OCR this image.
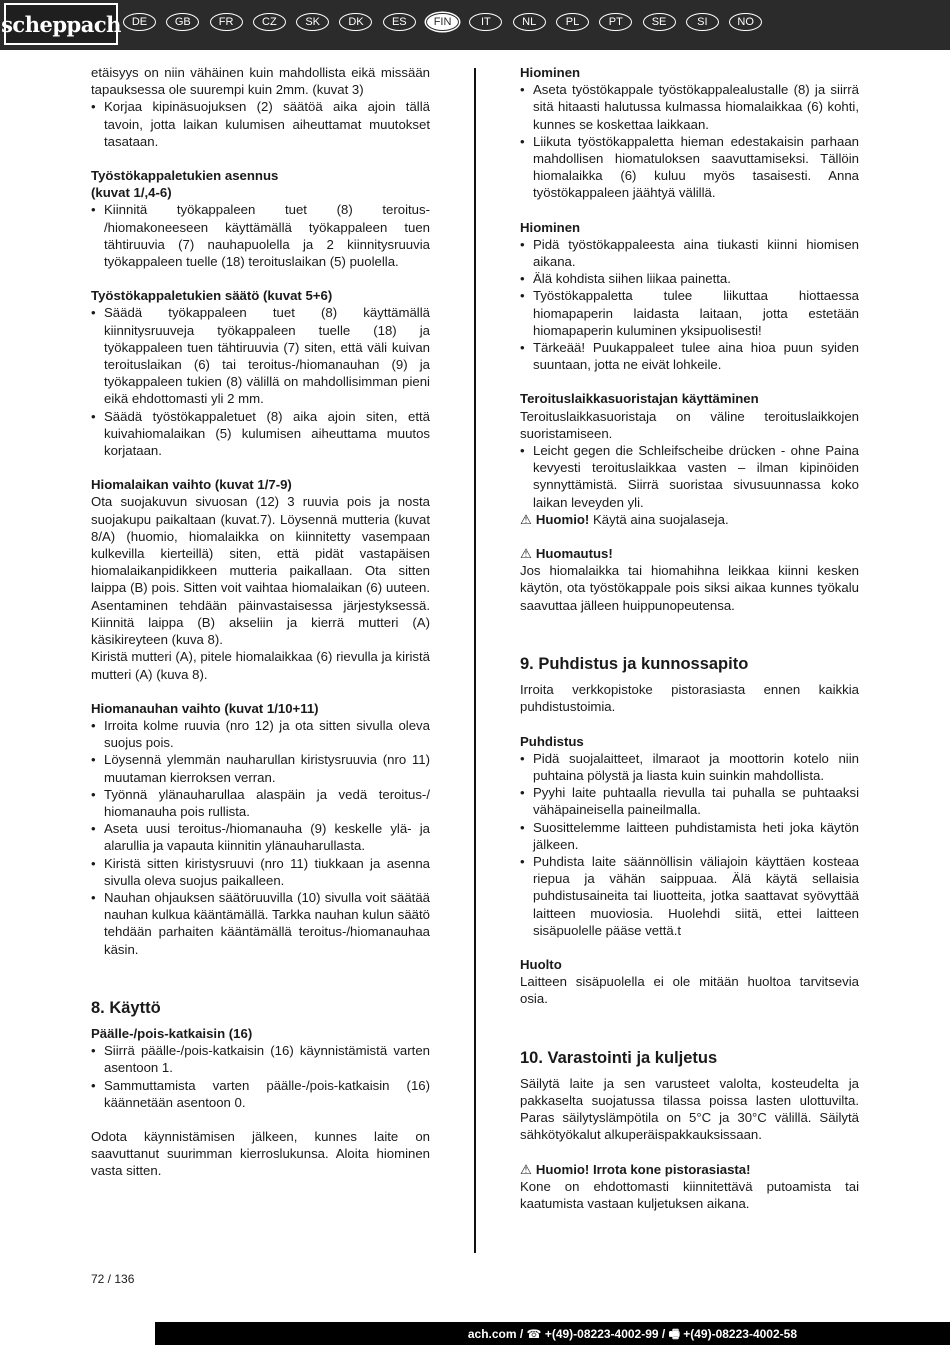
scheppach DE	GB	FR	CZ	SK	DK	ES	FIN	IT	NL	PL	PT	SE	SI	NO

etäisyys on niin vähäinen kuin mahdollista eikä missään tapauksessa ole suurempi kuin 2mm. (kuvat 3)

• Korjaa kipinäsuojuksen (2) säätöä aika ajoin tällä tavoin, jotta laikan kulumisen aiheuttamat muutokset tasataan.
Työstökappaletukien asennus
(kuvat 1/,4-6)
• Kiinnitä työkappaleen tuet (8) teroitus- /hiomakoneeseen käyttämällä työkappaleen tuen tähtiruuvia (7) nauhapuolella ja 2 kiinnitysruuvia työkappaleen tuelle (18) teroituslaikan (5) puolella.
Työstökappaletukien säätö (kuvat 5+6)
• Säädä työkappaleen tuet (8) käyttämällä kiinnitysruuveja työkappaleen tuelle (18) ja työkappaleen tuen tähtiruuvia (7) siten, että väli kuivan teroituslaikan (6) tai teroitus-/hiomanauhan (9) ja työkappaleen tukien (8) välillä on mahdollisimman pieni eikä ehdottomasti yli 2 mm.
• Säädä työstökappaletuet (8) aika ajoin siten, että kuivahiomalaikan (5) kulumisen aiheuttama muutos korjataan.
Hiomalaikan vaihto (kuvat 1/7-9)

Ota suojakuvun sivuosan (12) 3 ruuvia pois ja nosta suojakupu paikaltaan (kuvat.7). Löysennä mutteria (kuvat 8/A) (huomio, hiomalaikka on kiinnitetty vasempaan kulkevilla kierteillä) siten, että pidät vastapäisen hiomalaikanpidikkeen mutteria paikallaan. Ota sitten laippa (B) pois. Sitten voit vaihtaa hiomalaikan (6) uuteen. Asentaminen tehdään päinvastaisessa järjestyksessä. Kiinnitä laippa (B) akseliin ja kierrä mutteri (A) käsikireyteen (kuva 8).

Kiristä mutteri (A), pitele hiomalaikkaa (6) rievulla ja kiristä mutteri (A) (kuva 8).

Hiomanauhan vaihto (kuvat 1/10+11)
• Irroita kolme ruuvia (nro 12) ja ota sitten sivulla oleva suojus pois.
• Löysennä ylemmän nauharullan kiristysruuvia (nro 11) muutaman kierroksen verran.
• Työnnä ylänauharullaa alaspäin ja vedä teroitus-/ hiomanauha pois rullista.
• Aseta uusi teroitus-/hiomanauha (9) keskelle ylä- ja alarullia ja vapauta kiinnitin ylänauharullasta.
• Kiristä sitten kiristysruuvi (nro 11) tiukkaan ja asenna sivulla oleva suojus paikalleen.
• Nauhan ohjauksen säätöruuvilla (10) sivulla voit säätää nauhan kulkua kääntämällä. Tarkka nauhan kulun säätö tehdään parhaiten kääntämällä teroitus-/hiomanauhaa käsin.
8. Käyttö
Päälle-/pois-katkaisin (16)
• Siirrä päälle-/pois-katkaisin (16) käynnistämistä varten asentoon 1.
• Sammuttamista varten päälle-/pois-katkaisin (16) käännetään asentoon 0.

Odota käynnistämisen jälkeen, kunnes laite on saavuttanut suurimman kierroslukunsa. Aloita hiominen vasta sitten.

Hiominen
• Aseta työstökappale työstökappalealustalle (8) ja siirrä sitä hitaasti halutussa kulmassa hiomalaikkaa (6) kohti, kunnes se koskettaa laikkaan.
• Liikuta työstökappaletta hieman edestakaisin parhaan mahdollisen hiomatuloksen saavuttamiseksi. Tällöin hiomalaikka (6) kuluu myös tasaisesti. Anna työstökappaleen jäähtyä välillä.
Hiominen
• Pidä työstökappaleesta aina tiukasti kiinni hiomisen aikana.
• Älä kohdista siihen liikaa painetta.
• Työstökappaletta tulee liikuttaa hiottaessa hiomapaperin laidasta laitaan, jotta estetään hiomapaperin kuluminen yksipuolisesti!
• Tärkeää! Puukappaleet tulee aina hioa puun syiden suuntaan, jotta ne eivät lohkeile.
Teroituslaikkasuoristajan käyttäminen

Teroituslaikkasuoristaja on väline teroituslaikkojen suoristamiseen.

• Leicht gegen die Schleifscheibe drücken - ohne Paina kevyesti teroituslaikkaa vasten – ilman kipinöiden synnyttämistä. Siirrä suoristaa sivusuunnassa koko laikan leveyden yli.

⚠ Huomio! Käytä aina suojalaseja.

⚠ Huomautus!

Jos hiomalaikka tai hiomahihna leikkaa kiinni kesken käytön, ota työstökappale pois siksi aikaa kunnes työkalu saavuttaa jälleen huippunopeutensa.

9. Puhdistus ja kunnossapito

Irroita verkkopistoke pistorasiasta ennen kaikkia puhdistustoimia.

Puhdistus
• Pidä suojalaitteet, ilmaraot ja moottorin kotelo niin puhtaina pölystä ja liasta kuin suinkin mahdollista.
• Pyyhi laite puhtaalla rievulla tai puhalla se puhtaaksi vähäpaineisella paineilmalla.
• Suosittelemme laitteen puhdistamista heti joka käytön jälkeen.
• Puhdista laite säännöllisin väliajoin käyttäen kosteaa riepua ja vähän saippuaa. Älä käytä sellaisia puhdistusaineita tai liuotteita, jotka saattavat syövyttää laitteen muoviosia. Huolehdi siitä, ettei laitteen sisäpuolelle pääse vettä.t
Huolto

Laitteen sisäpuolella ei ole mitään huoltoa tarvitsevia osia.

10. Varastointi ja kuljetus

Säilytä laite ja sen varusteet valolta, kosteudelta ja pakkaselta suojatussa tilassa poissa lasten ulottuvilta. Paras säilytyslämpötila on 5°C ja 30°C välillä. Säilytä sähkötyökalut alkuperäispakkauksissaan.

⚠ Huomio! Irrota kone pistorasiasta!

Kone on ehdottomasti kiinnitettävä putoamista tai kaatumista vastaan kuljetuksen aikana.

72 / 136
ach.com / ☎ +(49)-08223-4002-99 / 🖷 +(49)-08223-4002-58
